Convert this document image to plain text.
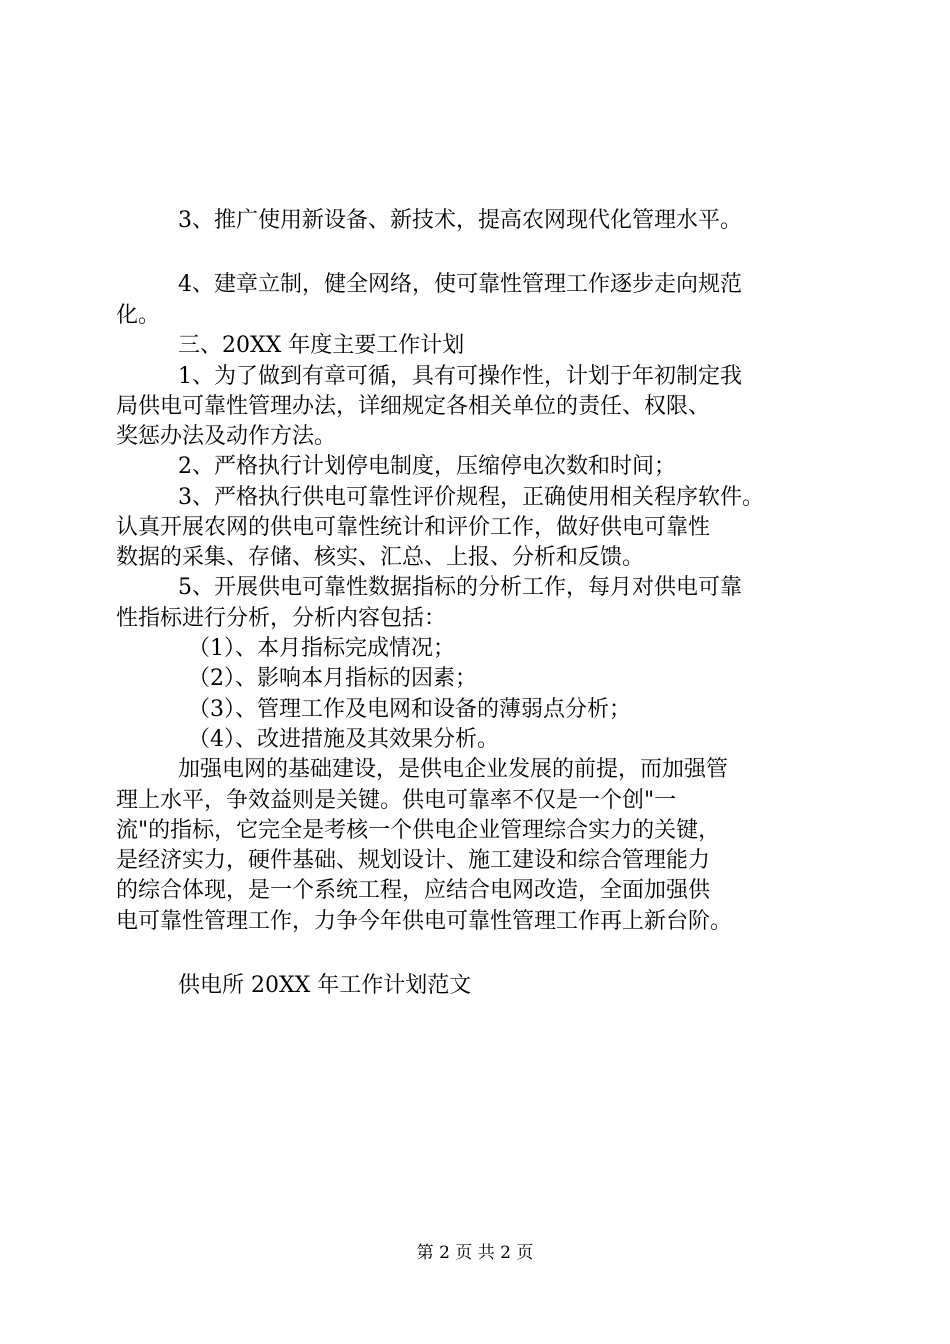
3、推广使用新设备、新技术，提高农网现代化管理水平。
4、建章立制，健全网络，使可靠性管理工作逐步走向规范
化。
三、20XX 年度主要工作计划
1、为了做到有章可循，具有可操作性，计划于年初制定我
局供电可靠性管理办法，详细规定各相关单位的责任、权限、
奖惩办法及动作方法。
2、严格执行计划停电制度，压缩停电次数和时间；
3、严格执行供电可靠性评价规程，正确使用相关程序软件。
认真开展农网的供电可靠性统计和评价工作，做好供电可靠性
数据的采集、存储、核实、汇总、上报、分析和反馈。
5、开展供电可靠性数据指标的分析工作，每月对供电可靠
性指标进行分析，分析内容包括：
（1）、本月指标完成情况；
（2）、影响本月指标的因素；
（3）、管理工作及电网和设备的薄弱点分析；
（4）、改进措施及其效果分析。
加强电网的基础建设，是供电企业发展的前提，而加强管
理上水平，争效益则是关键。供电可靠率不仅是一个创"一
流"的指标，它完全是考核一个供电企业管理综合实力的关键，
是经济实力，硬件基础、规划设计、施工建设和综合管理能力
的综合体现，是一个系统工程，应结合电网改造，全面加强供
电可靠性管理工作，力争今年供电可靠性管理工作再上新台阶。
供电所 20XX 年工作计划范文
第 2 页 共 2 页
